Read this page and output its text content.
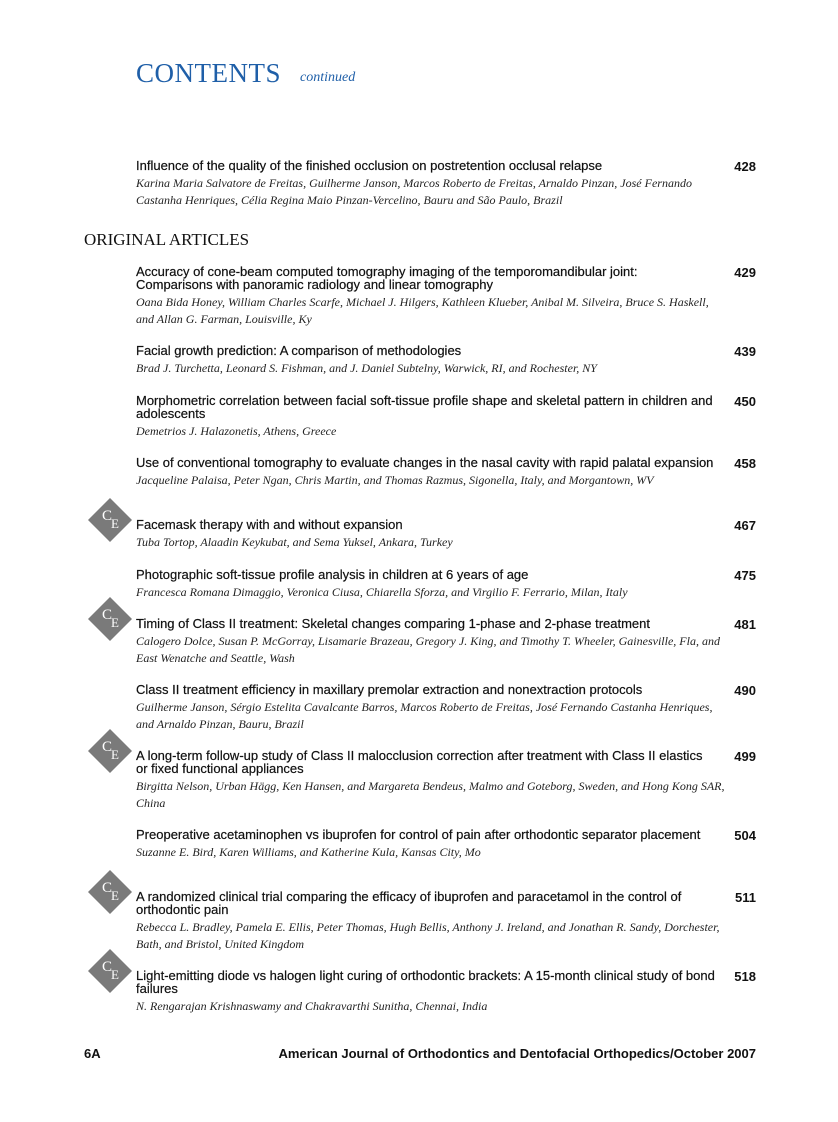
CONTENTS continued
ORIGINAL ARTICLES
Influence of the quality of the finished occlusion on postretention occlusal relapse
Karina Maria Salvatore de Freitas, Guilherme Janson, Marcos Roberto de Freitas, Arnaldo Pinzan, José Fernando Castanha Henriques, Célia Regina Maio Pinzan-Vercelino, Bauru and São Paulo, Brazil
428
Accuracy of cone-beam computed tomography imaging of the temporomandibular joint: Comparisons with panoramic radiology and linear tomography
Oana Bida Honey, William Charles Scarfe, Michael J. Hilgers, Kathleen Klueber, Anibal M. Silveira, Bruce S. Haskell, and Allan G. Farman, Louisville, Ky
429
Facial growth prediction: A comparison of methodologies
Brad J. Turchetta, Leonard S. Fishman, and J. Daniel Subtelny, Warwick, RI, and Rochester, NY
439
Morphometric correlation between facial soft-tissue profile shape and skeletal pattern in children and adolescents
Demetrios J. Halazonetis, Athens, Greece
450
Use of conventional tomography to evaluate changes in the nasal cavity with rapid palatal expansion
Jacqueline Palaisa, Peter Ngan, Chris Martin, and Thomas Razmus, Sigonella, Italy, and Morgantown, WV
458
C
E Facemask therapy with and without expansion
Tuba Tortop, Alaadin Keykubat, and Sema Yuksel, Ankara, Turkey
467
Photographic soft-tissue profile analysis in children at 6 years of age
Francesca Romana Dimaggio, Veronica Ciusa, Chiarella Sforza, and Virgilio F. Ferrario, Milan, Italy
475
C
E Timing of Class II treatment: Skeletal changes comparing 1-phase and 2-phase treatment
Calogero Dolce, Susan P. McGorray, Lisamarie Brazeau, Gregory J. King, and Timothy T. Wheeler, Gainesville, Fla, and East Wenatche and Seattle, Wash
481
Class II treatment efficiency in maxillary premolar extraction and nonextraction protocols
Guilherme Janson, Sérgio Estelita Cavalcante Barros, Marcos Roberto de Freitas, José Fernando Castanha Henriques, and Arnaldo Pinzan, Bauru, Brazil
490
C
E A long-term follow-up study of Class II malocclusion correction after treatment with Class II elastics or fixed functional appliances
Birgitta Nelson, Urban Hägg, Ken Hansen, and Margareta Bendeus, Malmo and Goteborg, Sweden, and Hong Kong SAR, China
499
Preoperative acetaminophen vs ibuprofen for control of pain after orthodontic separator placement
Suzanne E. Bird, Karen Williams, and Katherine Kula, Kansas City, Mo
504
C
E A randomized clinical trial comparing the efficacy of ibuprofen and paracetamol in the control of orthodontic pain
Rebecca L. Bradley, Pamela E. Ellis, Peter Thomas, Hugh Bellis, Anthony J. Ireland, and Jonathan R. Sandy, Dorchester, Bath, and Bristol, United Kingdom
511
C
E Light-emitting diode vs halogen light curing of orthodontic brackets: A 15-month clinical study of bond failures
N. Rengarajan Krishnaswamy and Chakravarthi Sunitha, Chennai, India
518
6A	American Journal of Orthodontics and Dentofacial Orthopedics/October 2007
